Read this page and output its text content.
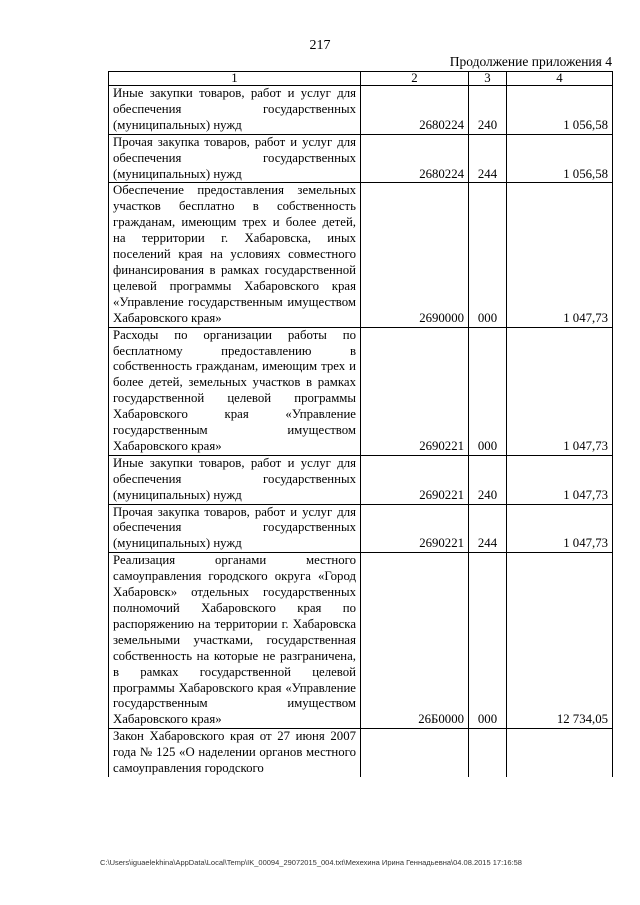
217
Продолжение приложения 4
1	2	3	4
Иные закупки товаров, работ и услуг для обеспечения государственных (муниципальных) нужд	2680224	240	1 056,58
Прочая закупка товаров, работ и услуг для обеспечения государственных (муниципальных) нужд	2680224	244	1 056,58
Обеспечение предоставления земельных участков бесплатно в собственность гражданам, имеющим трех и более детей, на территории г. Хабаровска, иных поселений края на условиях совместного финансирования в рамках государственной целевой программы Хабаровского края «Управление государственным имуществом Хабаровского края»	2690000	000	1 047,73
Расходы по организации работы по бесплатному предоставлению в собственность гражданам, имеющим трех и более детей, земельных участков в рамках государственной целевой программы Хабаровского края «Управление государственным имуществом Хабаровского края»	2690221	000	1 047,73
Иные закупки товаров, работ и услуг для обеспечения государственных (муниципальных) нужд	2690221	240	1 047,73
Прочая закупка товаров, работ и услуг для обеспечения государственных (муниципальных) нужд	2690221	244	1 047,73
Реализация органами местного самоуправления городского округа «Город Хабаровск» отдельных государственных полномочий Хабаровского края по распоряжению на территории г. Хабаровска земельными участками, государственная собственность на которые не разграничена, в рамках государственной целевой программы Хабаровского края «Управление государственным имуществом Хабаровского края»	26Б0000	000	12 734,05
Закон Хабаровского края от 27 июня 2007 года № 125 «О наделении органов местного самоуправления городского			
C:\Users\iguaelekhina\AppData\Local\Temp\IK_00094_29072015_004.txt\Мехехина Ирина Геннадьевна\04.08.2015 17:16:58
